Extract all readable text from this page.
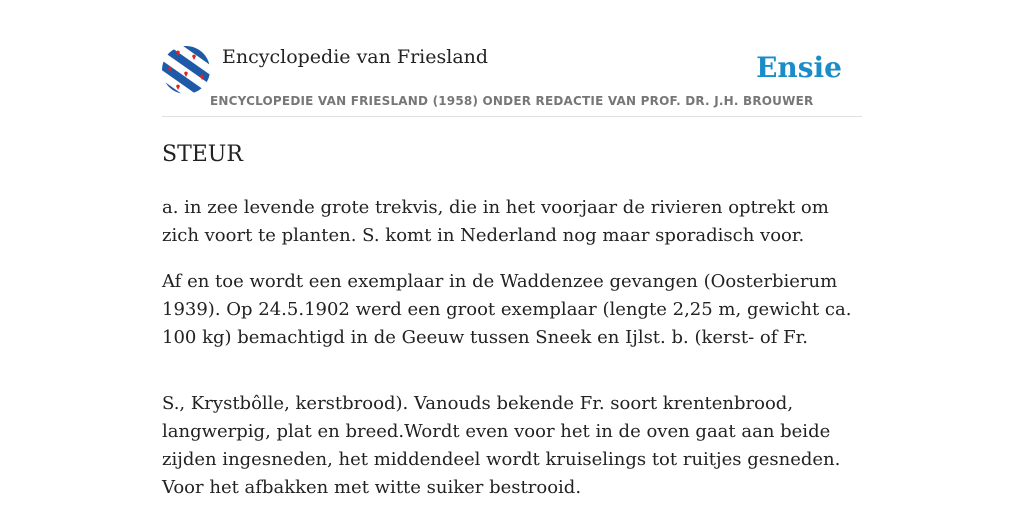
Encyclopedie van Friesland	Ensie
ENCYCLOPEDIE VAN FRIESLAND (1958) ONDER REDACTIE VAN PROF. DR. J.H. BROUWER
STEUR

a. in zee levende grote trekvis, die in het voorjaar de rivieren optrekt om zich voort te planten. S. komt in Nederland nog maar sporadisch voor.

Af en toe wordt een exemplaar in de Waddenzee gevangen (Oosterbierum 1939). Op 24.5.1902 werd een groot exemplaar (lengte 2,25 m, gewicht ca. 100 kg) bemachtigd in de Geeuw tussen Sneek en Ijlst. b. (kerst- of Fr.

S., Krystbôlle, kerstbrood). Vanouds bekende Fr. soort krentenbrood, langwerpig, plat en breed.Wordt even voor het in de oven gaat aan beide zijden ingesneden, het middendeel wordt kruiselings tot ruitjes gesneden. Voor het afbakken met witte suiker bestrooid.
